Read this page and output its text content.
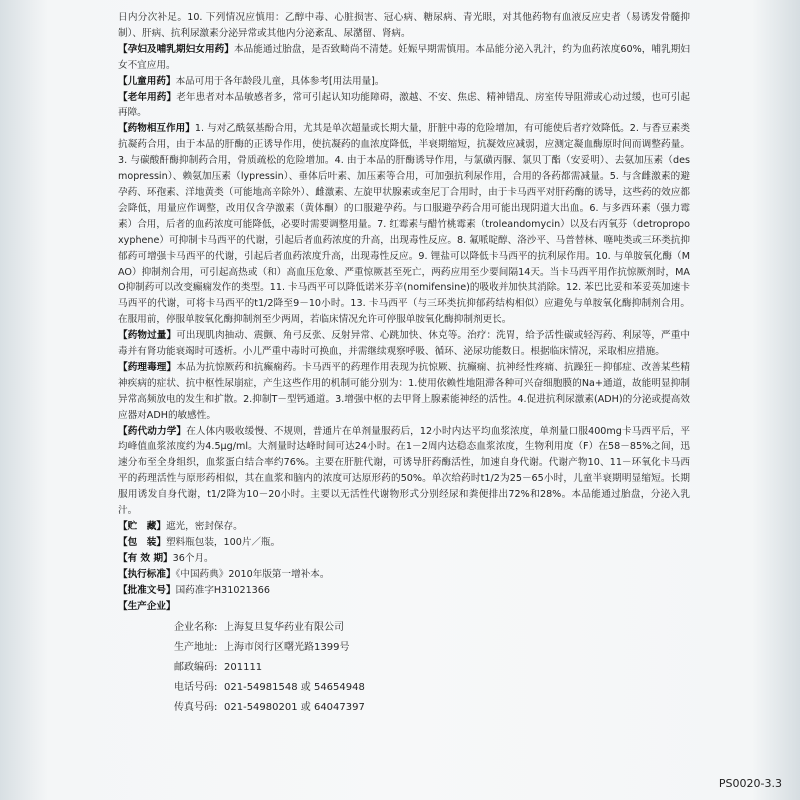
日内分次补足。10. 下列情况应慎用：乙醇中毒、心脏损害、冠心病、糖尿病、青光眼，对其他药物有血液反应史者（易诱发骨髓抑制）、肝病、抗利尿激素分泌异常或其他内分泌紊乱、尿潴留、肾病。

【孕妇及哺乳期妇女用药】本品能通过胎盘，是否致畸尚不清楚。妊娠早期需慎用。本品能分泌入乳汁，约为血药浓度60%，哺乳期妇女不宜应用。

【儿童用药】本品可用于各年龄段儿童，具体参考[用法用量]。

【老年用药】老年患者对本品敏感者多，常可引起认知功能障碍，激越、不安、焦虑、精神错乱、房室传导阻滞或心动过缓，也可引起再障。

【药物相互作用】1. 与对乙酰氨基酚合用，尤其是单次超量或长期大量，肝脏中毒的危险增加，有可能使后者疗效降低。2. 与香豆素类抗凝药合用，由于本品的肝酶的正诱导作用，使抗凝药的血浓度降低，半衰期缩短，抗凝效应减弱，应测定凝血酶原时间而调整药量。3. 与碳酸酐酶抑制药合用，骨质疏松的危险增加。4. 由于本品的肝酶诱导作用，与氯磺丙脲、氯贝丁酯（安妥明）、去氨加压素（desmopressin）、赖氨加压素（lypressin）、垂体后叶素、加压素等合用，可加强抗利尿作用，合用的各药都需减量。5. 与含雌激素的避孕药、环孢素、洋地黄类（可能地高辛除外）、雌激素、左旋甲状腺素或奎尼丁合用时，由于卡马西平对肝药酶的诱导，这些药的效应都会降低，用量应作调整，改用仅含孕激素（黄体酮）的口服避孕药。与口服避孕药合用可能出现阴道大出血。6. 与多西环素（强力霉素）合用，后者的血药浓度可能降低，必要时需要调整用量。7. 红霉素与醋竹桃霉素（troleandomycin）以及右丙氧芬（detropropoxyphene）可抑制卡马西平的代谢，引起后者血药浓度的升高，出现毒性反应。8. 氟哌啶醇、洛沙平、马普替林、噻吨类或三环类抗抑郁药可增强卡马西平的代谢，引起后者血药浓度升高，出现毒性反应。9. 锂盐可以降低卡马西平的抗利尿作用。10. 与单胺氧化酶（MAO）抑制剂合用，可引起高热或（和）高血压危象、严重惊厥甚至死亡，两药应用至少要间隔14天。当卡马西平用作抗惊厥剂时，MAO抑制药可以改变癫痫发作的类型。11. 卡马西平可以降低诺米芬辛(nomifensine)的吸收并加快其消除。12. 苯巴比妥和苯妥英加速卡马西平的代谢，可将卡马西平的t1/2降至9－10小时。13. 卡马西平（与三环类抗抑郁药结构相似）应避免与单胺氧化酶抑制剂合用。在服用前，停服单胺氧化酶抑制剂至少两周，若临床情况允许可停服单胺氧化酶抑制剂更长。

【药物过量】可出现肌肉抽动、震颤、角弓反张、反射异常、心跳加快、休克等。治疗：洗胃，给予活性碳或轻泻药、利尿等，严重中毒并有肾功能衰竭时可透析。小儿严重中毒时可换血，并需继续观察呼吸、循环、泌尿功能数日。根据临床情况，采取相应措施。

【药理毒理】本品为抗惊厥药和抗癫痫药。卡马西平的药理作用表现为抗惊厥、抗癫痫、抗神经性疼痛、抗躁狂－抑郁症、改善某些精神疾病的症状、抗中枢性尿崩症，产生这些作用的机制可能分别为：1.使用依赖性地阻滞各种可兴奋细胞膜的Na+通道，故能明显抑制异常高频放电的发生和扩散。2.抑制T－型钙通道。3.增强中枢的去甲肾上腺素能神经的活性。4.促进抗利尿激素(ADH)的分泌或提高效应器对ADH的敏感性。

【药代动力学】在人体内吸收缓慢、不规则，普通片在单剂量服药后，12小时内达平均血浆浓度，单剂量口服400mg卡马西平后，平均峰值血浆浓度约为4.5μg/ml。大剂量时达峰时间可达24小时。在1－2周内达稳态血浆浓度，生物利用度（F）在58－85%之间，迅速分布至全身组织，血浆蛋白结合率约76%。主要在肝脏代谢，可诱导肝药酶活性，加速自身代谢。代谢产物10、11－环氧化卡马西平的药理活性与原形药相似，其在血浆和脑内的浓度可达原形药的50%。单次给药时t1/2为25－65小时，儿童半衰期明显缩短。长期服用诱发自身代谢，t1/2降为10－20小时。主要以无活性代谢物形式分别经尿和粪便排出72%和28%。本品能通过胎盘，分泌入乳汁。

【贮　藏】遮光，密封保存。

【包　装】塑料瓶包装，100片／瓶。

【有 效 期】36个月。

【执行标准】《中国药典》2010年版第一增补本。

【批准文号】国药准字H31021366

【生产企业】

企业名称: 上海复旦复华药业有限公司
生产地址: 上海市闵行区曙光路1399号
邮政编码: 201111
电话号码: 021-54981548 或 54654948
传真号码: 021-54980201 或 64047397
PS0020-3.3
